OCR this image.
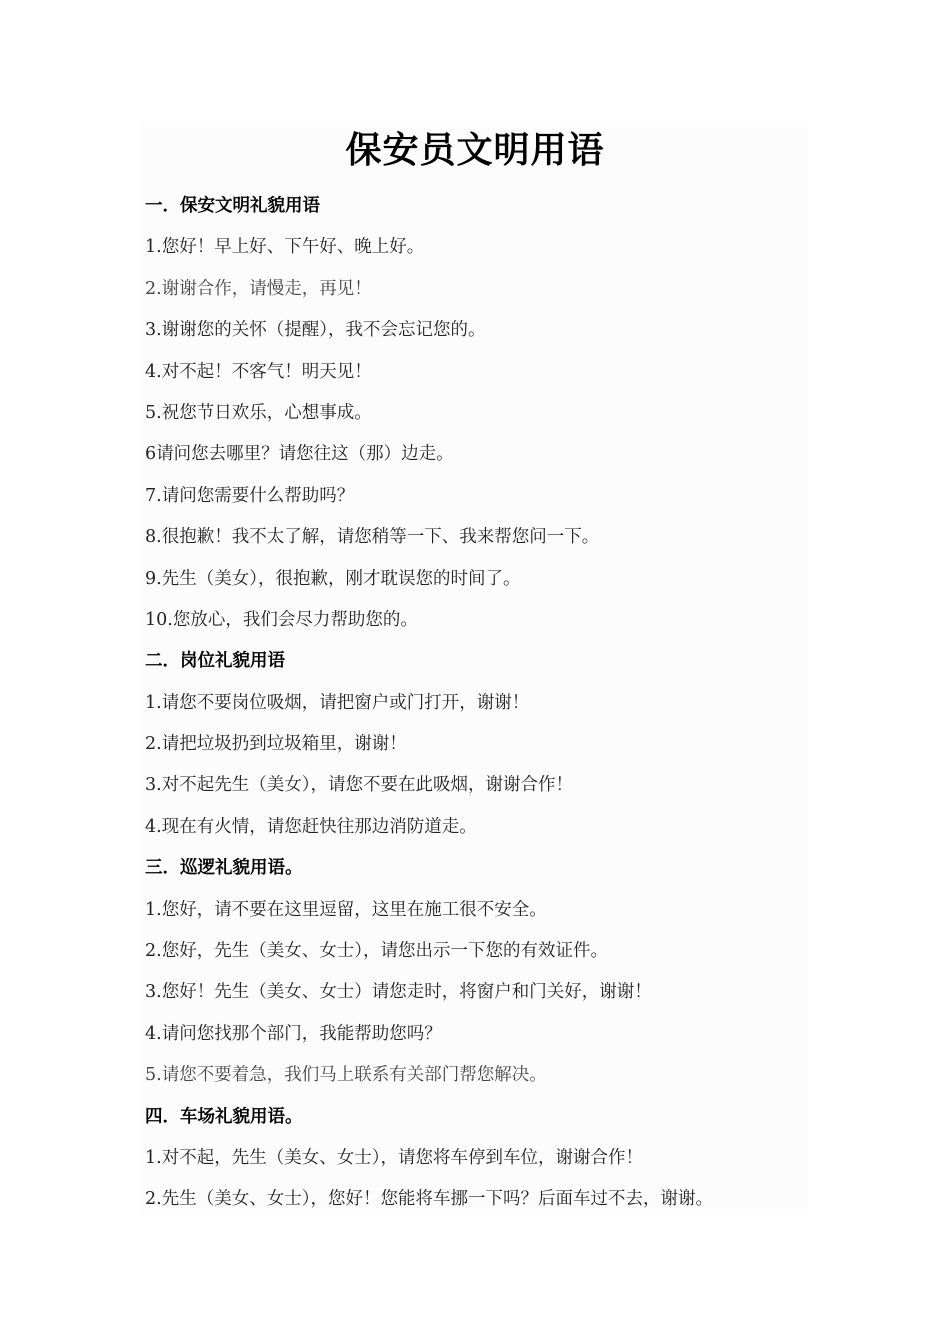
保安员文明用语
一．保安文明礼貌用语
1.您好！早上好、下午好、晚上好。
2.谢谢合作，请慢走，再见！
3.谢谢您的关怀（提醒），我不会忘记您的。
4.对不起！不客气！明天见！
5.祝您节日欢乐，心想事成。
6请问您去哪里？请您往这（那）边走。
7.请问您需要什么帮助吗？
8.很抱歉！我不太了解，请您稍等一下、我来帮您问一下。
9.先生（美女），很抱歉，刚才耽误您的时间了。
10.您放心，我们会尽力帮助您的。
二．岗位礼貌用语
1.请您不要岗位吸烟，请把窗户或门打开，谢谢！
2.请把垃圾扔到垃圾箱里，谢谢！
3.对不起先生（美女），请您不要在此吸烟，谢谢合作！
4.现在有火情，请您赶快往那边消防道走。
三．巡逻礼貌用语。
1.您好，请不要在这里逗留，这里在施工很不安全。
2.您好，先生（美女、女士），请您出示一下您的有效证件。
3.您好！先生（美女、女士）请您走时，将窗户和门关好，谢谢！
4.请问您找那个部门，我能帮助您吗？
5.请您不要着急，我们马上联系有关部门帮您解决。
四．车场礼貌用语。
1.对不起，先生（美女、女士），请您将车停到车位，谢谢合作！
2.先生（美女、女士），您好！您能将车挪一下吗？后面车过不去，谢谢。
